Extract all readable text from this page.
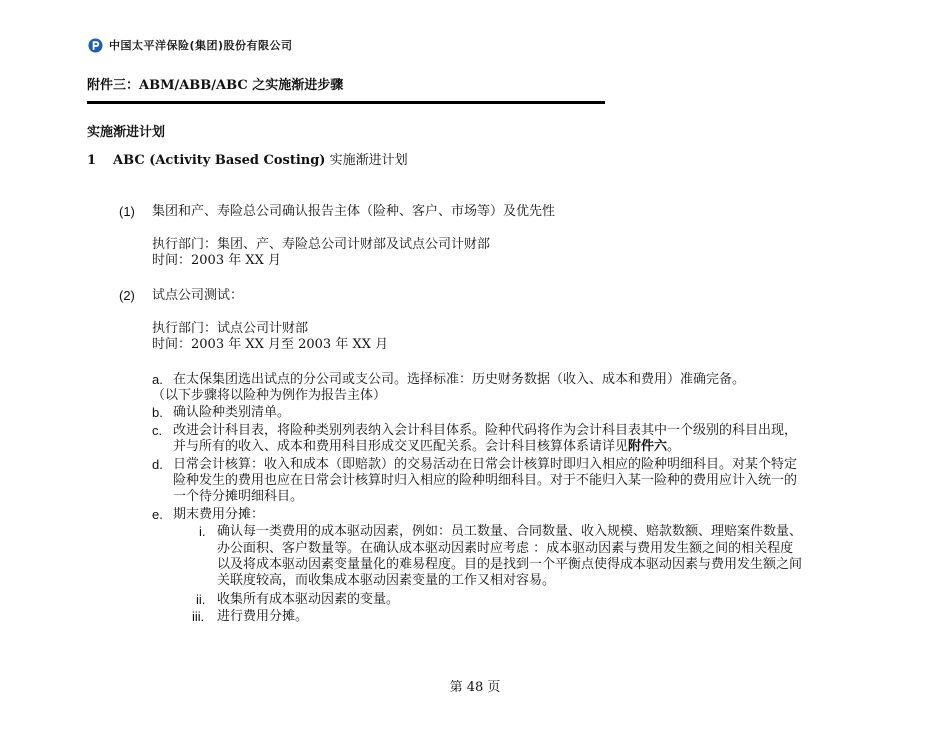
中国太平洋保险(集团)股份有限公司
附件三：ABM/ABB/ABC 之实施渐进步骤
实施渐进计划
1 ABC (Activity Based Costing) 实施渐进计划
(1) 集团和产、寿险总公司确认报告主体（险种、客户、市场等）及优先性
执行部门：集团、产、寿险总公司计财部及试点公司计财部
时间：2003 年 XX 月
(2) 试点公司测试：
执行部门：试点公司计财部
时间：2003 年 XX 月至 2003 年 XX 月
a. 在太保集团选出试点的分公司或支公司。选择标准：历史财务数据（收入、成本和费用）准确完备。
（以下步骤将以险种为例作为报告主体）
b. 确认险种类别清单。
c. 改进会计科目表，将险种类别列表纳入会计科目体系。险种代码将作为会计科目表其中一个级别的科目出现，
并与所有的收入、成本和费用科目形成交叉匹配关系。会计科目核算体系请详见附件六。
d. 日常会计核算：收入和成本（即赔款）的交易活动在日常会计核算时即归入相应的险种明细科目。对某个特定
险种发生的费用也应在日常会计核算时归入相应的险种明细科目。对于不能归入某一险种的费用应计入统一的
一个待分摊明细科目。
e. 期末费用分摊：
i. 确认每一类费用的成本驱动因素，例如：员工数量、合同数量、收入规模、赔款数额、理赔案件数量、
办公面积、客户数量等。在确认成本驱动因素时应考虑 ：成本驱动因素与费用发生额之间的相关程度
以及将成本驱动因素变量量化的难易程度。目的是找到一个平衡点使得成本驱动因素与费用发生额之间
关联度较高，而收集成本驱动因素变量的工作又相对容易。
ii. 收集所有成本驱动因素的变量。
iii. 进行费用分摊。
第 48 页
